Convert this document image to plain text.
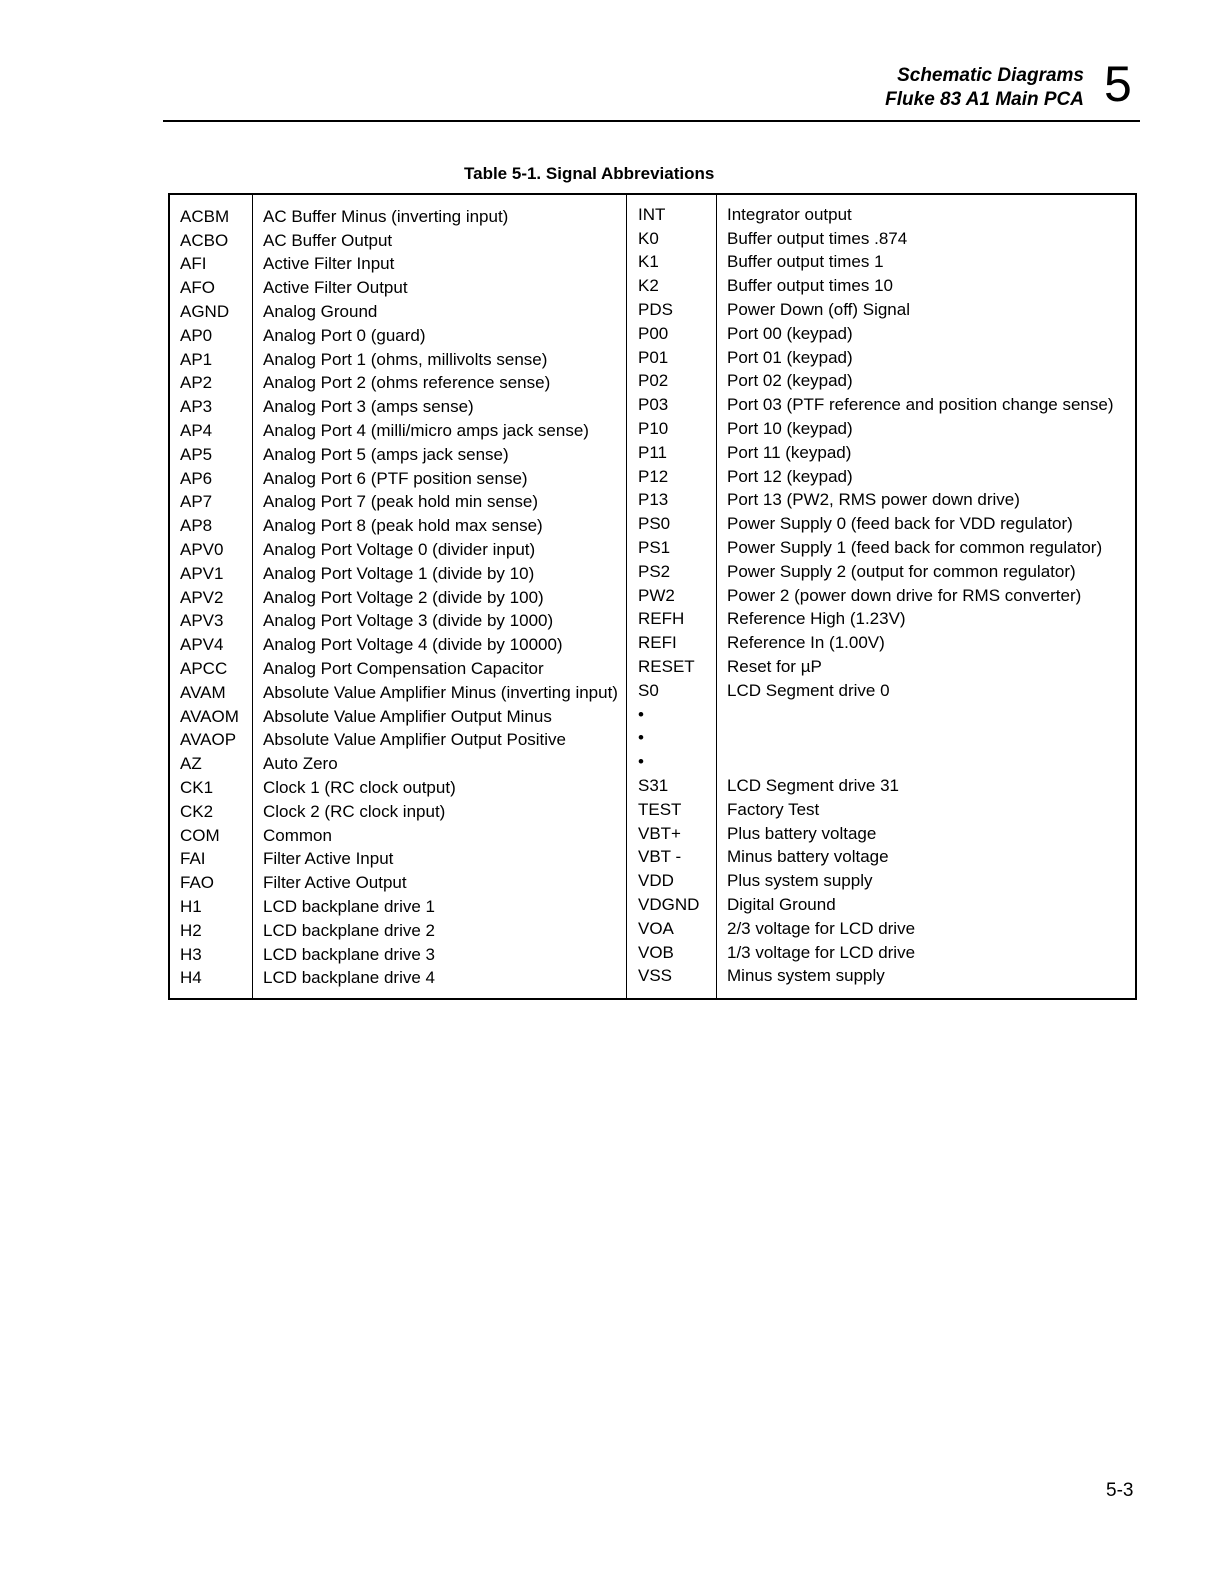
Schematic Diagrams
Fluke 83 A1 Main PCA 5
Table 5-1. Signal Abbreviations
ACBM	AC Buffer Minus (inverting input)
ACBO	AC Buffer Output
AFI	Active Filter Input
AFO	Active Filter Output
AGND	Analog Ground
AP0	Analog Port 0 (guard)
AP1	Analog Port 1 (ohms, millivolts sense)
AP2	Analog Port 2 (ohms reference sense)
AP3	Analog Port 3 (amps sense)
AP4	Analog Port 4 (milli/micro amps jack sense)
AP5	Analog Port 5 (amps jack sense)
AP6	Analog Port 6 (PTF position sense)
AP7	Analog Port 7 (peak hold min sense)
AP8	Analog Port 8 (peak hold max sense)
APV0	Analog Port Voltage 0 (divider input)
APV1	Analog Port Voltage 1 (divide by 10)
APV2	Analog Port Voltage 2 (divide by 100)
APV3	Analog Port Voltage 3 (divide by 1000)
APV4	Analog Port Voltage 4 (divide by 10000)
APCC	Analog Port Compensation Capacitor
AVAM	Absolute Value Amplifier Minus (inverting input)
AVAOM	Absolute Value Amplifier Output Minus
AVAOP	Absolute Value Amplifier Output Positive
AZ	Auto Zero
CK1	Clock 1 (RC clock output)
CK2	Clock 2 (RC clock input)
COM	Common
FAI	Filter Active Input
FAO	Filter Active Output
H1	LCD backplane drive 1
H2	LCD backplane drive 2
H3	LCD backplane drive 3
H4	LCD backplane drive 4
INT	Integrator output
K0	Buffer output times .874
K1	Buffer output times 1
K2	Buffer output times 10
PDS	Power Down (off) Signal
P00	Port 00 (keypad)
P01	Port 01 (keypad)
P02	Port 02 (keypad)
P03	Port 03 (PTF reference and position change sense)
P10	Port 10 (keypad)
P11	Port 11 (keypad)
P12	Port 12 (keypad)
P13	Port 13 (PW2, RMS power down drive)
PS0	Power Supply 0 (feed back for VDD regulator)
PS1	Power Supply 1 (feed back for common regulator)
PS2	Power Supply 2 (output for common regulator)
PW2	Power 2 (power down drive for RMS converter)
REFH	Reference High (1.23V)
REFI	Reference In (1.00V)
RESET	Reset for µP
S0	LCD Segment drive 0
•
•
•
S31	LCD Segment drive 31
TEST	Factory Test
VBT+	Plus battery voltage
VBT -	Minus battery voltage
VDD	Plus system supply
VDGND	Digital Ground
VOA	2/3 voltage for LCD drive
VOB	1/3 voltage for LCD drive
VSS	Minus system supply
5-3
